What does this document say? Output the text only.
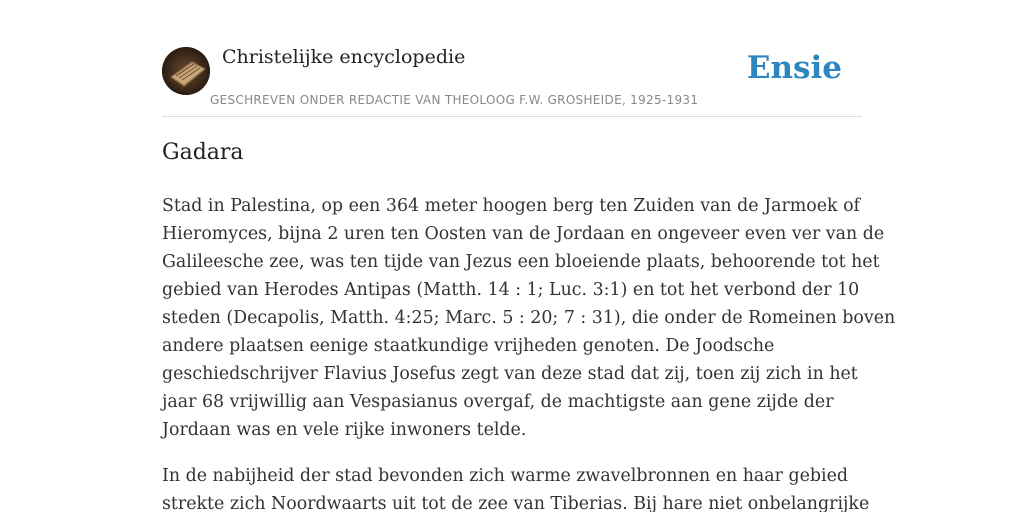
Christelijke encyclopedie
GESCHREVEN ONDER REDACTIE VAN THEOLOOG F.W. GROSHEIDE, 1925-1931
Ensie
Gadara

Stad in Palestina, op een 364 meter hoogen berg ten Zuiden van de Jarmoek of
Hieromyces, bijna 2 uren ten Oosten van de Jordaan en ongeveer even ver van de
Galileesche zee, was ten tijde van Jezus een bloeiende plaats, behoorende tot het
gebied van Herodes Antipas (Matth. 14 : 1; Luc. 3:1) en tot het verbond der 10
steden (Decapolis, Matth. 4:25; Marc. 5 : 20; 7 : 31), die onder de Romeinen boven
andere plaatsen eenige staatkundige vrijheden genoten. De Joodsche
geschiedschrijver Flavius Josefus zegt van deze stad dat zij, toen zij zich in het
jaar 68 vrijwillig aan Vespasianus overgaf, de machtigste aan gene zijde der
Jordaan was en vele rijke inwoners telde.

In de nabijheid der stad bevonden zich warme zwavelbronnen en haar gebied
strekte zich Noordwaarts uit tot de zee van Tiberias. Bij hare niet onbelangrijke
